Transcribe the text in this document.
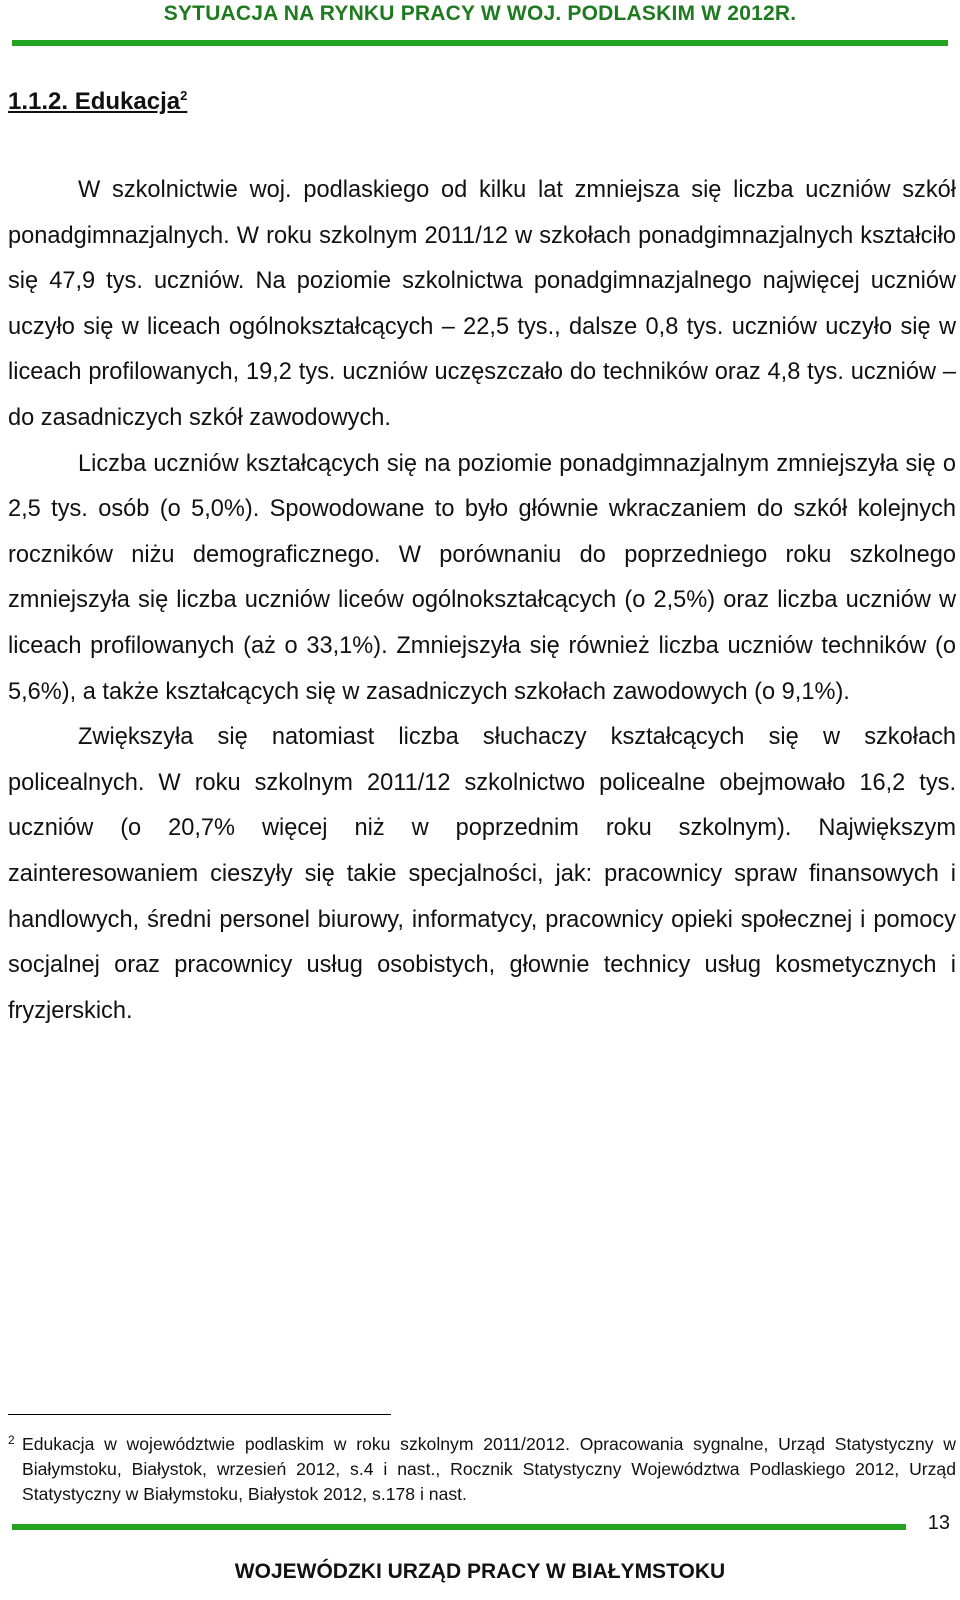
SYTUACJA NA RYNKU PRACY W WOJ. PODLASKIM W 2012R.
1.1.2. Edukacja$^2$

W szkolnictwie woj. podlaskiego od kilku lat zmniejsza się liczba uczniów szkół ponadgimnazjalnych. W roku szkolnym 2011/12 w szkołach ponadgimnazjalnych kształciło się 47,9 tys. uczniów. Na poziomie szkolnictwa ponadgimnazjalnego najwięcej uczniów uczyło się w liceach ogólnokształcących – 22,5 tys., dalsze 0,8 tys. uczniów uczyło się w liceach profilowanych, 19,2 tys. uczniów uczęszczało do techników oraz 4,8 tys. uczniów – do zasadniczych szkół zawodowych.

Liczba uczniów kształcących się na poziomie ponadgimnazjalnym zmniejszyła się o 2,5 tys. osób (o 5,0%). Spowodowane to było głównie wkraczaniem do szkół kolejnych roczników niżu demograficznego. W porównaniu do poprzedniego roku szkolnego zmniejszyła się liczba uczniów liceów ogólnokształcących (o 2,5%) oraz liczba uczniów w liceach profilowanych (aż o 33,1%). Zmniejszyła się również liczba uczniów techników (o 5,6%), a także kształcących się w zasadniczych szkołach zawodowych (o 9,1%).

Zwiększyła się natomiast liczba słuchaczy kształcących się w szkołach policealnych. W roku szkolnym 2011/12 szkolnictwo policealne obejmowało 16,2 tys. uczniów (o 20,7% więcej niż w poprzednim roku szkolnym). Największym zainteresowaniem cieszyły się takie specjalności, jak: pracownicy spraw finansowych i handlowych, średni personel biurowy, informatycy, pracownicy opieki społecznej i pomocy socjalnej oraz pracownicy usług osobistych, głownie technicy usług kosmetycznych i fryzjerskich.

2 Edukacja w województwie podlaskim w roku szkolnym 2011/2012. Opracowania sygnalne, Urząd Statystyczny w Białymstoku, Białystok, wrzesień 2012, s.4 i nast., Rocznik Statystyczny Województwa Podlaskiego 2012, Urząd Statystyczny w Białymstoku, Białystok 2012, s.178 i nast.
13
WOJEWÓDZKI URZĄD PRACY W BIAŁYMSTOKU
